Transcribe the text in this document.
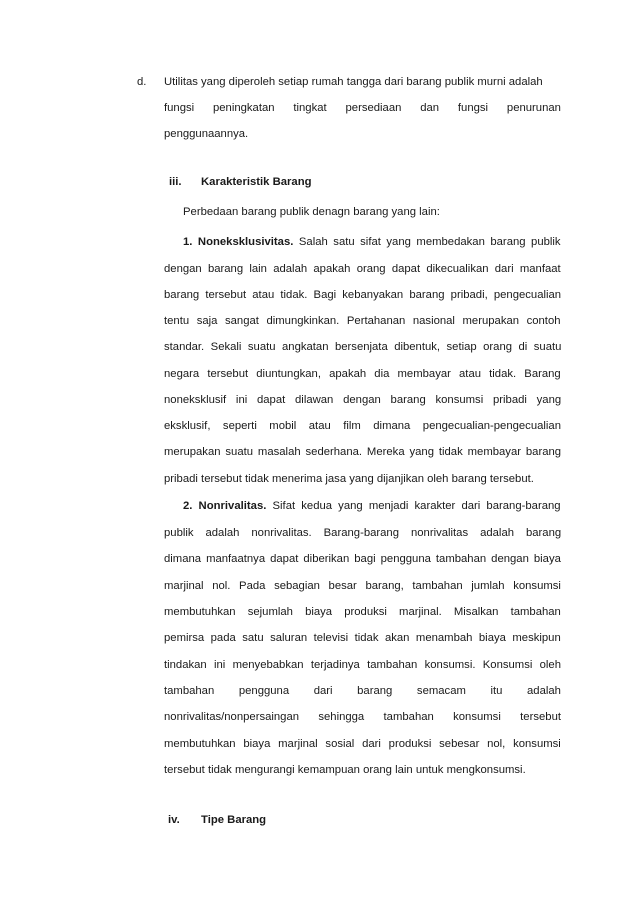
d. Utilitas yang diperoleh setiap rumah tangga dari barang publik murni adalah
fungsi peningkatan tingkat persediaan dan fungsi penurunan
penggunaannya.
iii. Karakteristik Barang
Perbedaan barang publik denagn barang yang lain:
1. Noneksklusivitas. Salah satu sifat yang membedakan barang publik
dengan barang lain adalah apakah orang dapat dikecualikan dari manfaat
barang tersebut atau tidak. Bagi kebanyakan barang pribadi, pengecualian
tentu saja sangat dimungkinkan. Pertahanan nasional merupakan contoh
standar. Sekali suatu angkatan bersenjata dibentuk, setiap orang di suatu
negara tersebut diuntungkan, apakah dia membayar atau tidak. Barang
noneksklusif ini dapat dilawan dengan barang konsumsi pribadi yang
eksklusif, seperti mobil atau film dimana pengecualian-pengecualian
merupakan suatu masalah sederhana. Mereka yang tidak membayar barang
pribadi tersebut tidak menerima jasa yang dijanjikan oleh barang tersebut.
2. Nonrivalitas. Sifat kedua yang menjadi karakter dari barang-barang
publik adalah nonrivalitas. Barang-barang nonrivalitas adalah barang
dimana manfaatnya dapat diberikan bagi pengguna tambahan dengan biaya
marjinal nol. Pada sebagian besar barang, tambahan jumlah konsumsi
membutuhkan sejumlah biaya produksi marjinal. Misalkan tambahan
pemirsa pada satu saluran televisi tidak akan menambah biaya meskipun
tindakan ini menyebabkan terjadinya tambahan konsumsi. Konsumsi oleh
tambahan pengguna dari barang semacam itu adalah
nonrivalitas/nonpersaingan sehingga tambahan konsumsi tersebut
membutuhkan biaya marjinal sosial dari produksi sebesar nol, konsumsi
tersebut tidak mengurangi kemampuan orang lain untuk mengkonsumsi.
iv. Tipe Barang
